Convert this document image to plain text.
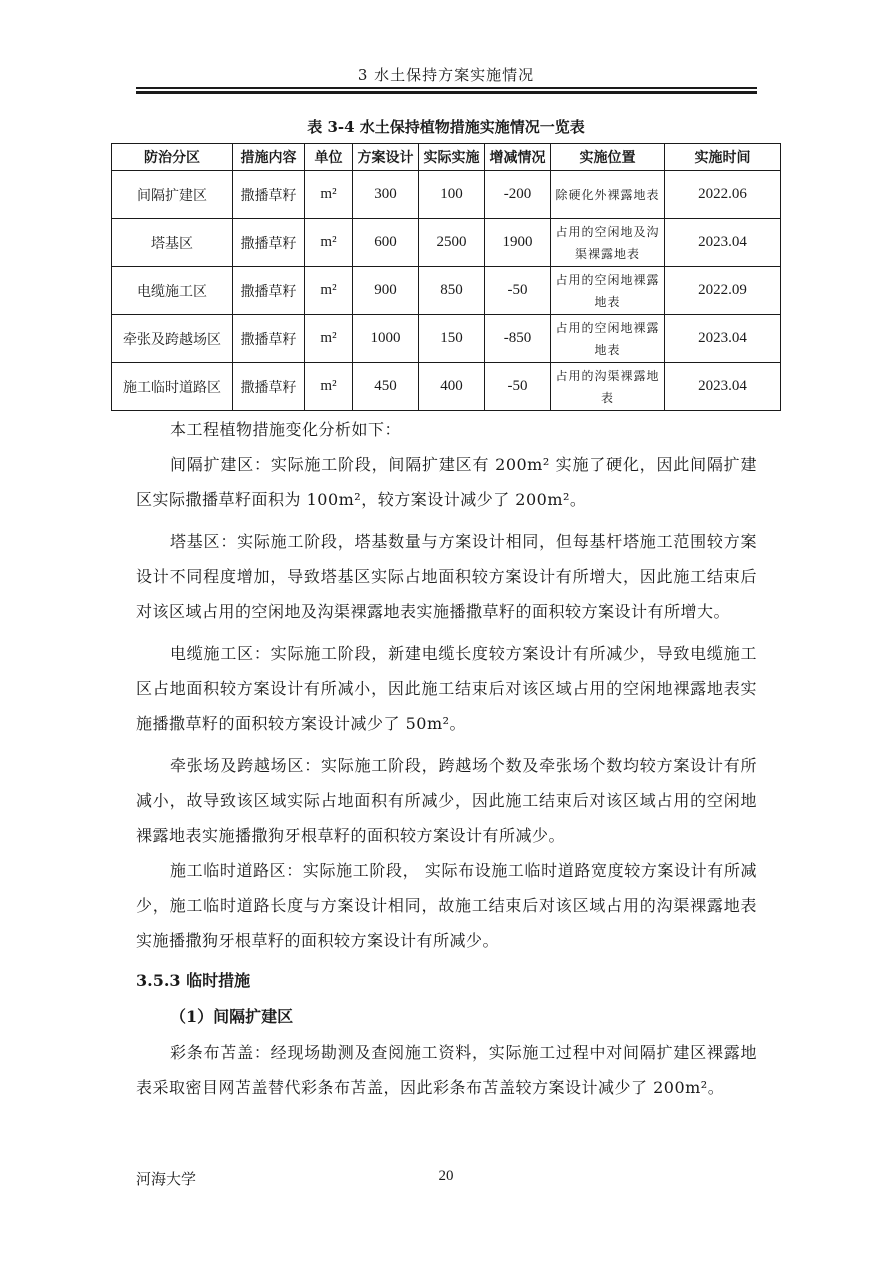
3 水土保持方案实施情况
表 3-4 水土保持植物措施实施情况一览表
防治分区	措施内容	单位	方案设计	实际实施	增减情况	实施位置	实施时间
间隔扩建区	撒播草籽	m²	300	100	-200	除硬化外裸露地表	2022.06
塔基区	撒播草籽	m²	600	2500	1900	占用的空闲地及沟渠裸露地表	2023.04
电缆施工区	撒播草籽	m²	900	850	-50	占用的空闲地裸露地表	2022.09
牵张及跨越场区	撒播草籽	m²	1000	150	-850	占用的空闲地裸露地表	2023.04
施工临时道路区	撒播草籽	m²	450	400	-50	占用的沟渠裸露地表	2023.04

本工程植物措施变化分析如下：

间隔扩建区：实际施工阶段，间隔扩建区有 200m² 实施了硬化，因此间隔扩建区实际撒播草籽面积为 100m²，较方案设计减少了 200m²。

塔基区：实际施工阶段，塔基数量与方案设计相同，但每基杆塔施工范围较方案设计不同程度增加，导致塔基区实际占地面积较方案设计有所增大，因此施工结束后对该区域占用的空闲地及沟渠裸露地表实施播撒草籽的面积较方案设计有所增大。

电缆施工区：实际施工阶段，新建电缆长度较方案设计有所减少，导致电缆施工区占地面积较方案设计有所减小，因此施工结束后对该区域占用的空闲地裸露地表实施播撒草籽的面积较方案设计减少了 50m²。

牵张场及跨越场区：实际施工阶段，跨越场个数及牵张场个数均较方案设计有所减小，故导致该区域实际占地面积有所减少，因此施工结束后对该区域占用的空闲地裸露地表实施播撒狗牙根草籽的面积较方案设计有所减少。

施工临时道路区：实际施工阶段， 实际布设施工临时道路宽度较方案设计有所减少，施工临时道路长度与方案设计相同，故施工结束后对该区域占用的沟渠裸露地表实施播撒狗牙根草籽的面积较方案设计有所减少。

3.5.3 临时措施

（1）间隔扩建区

彩条布苫盖：经现场勘测及查阅施工资料，实际施工过程中对间隔扩建区裸露地表采取密目网苫盖替代彩条布苫盖，因此彩条布苫盖较方案设计减少了 200m²。

河海大学	20
